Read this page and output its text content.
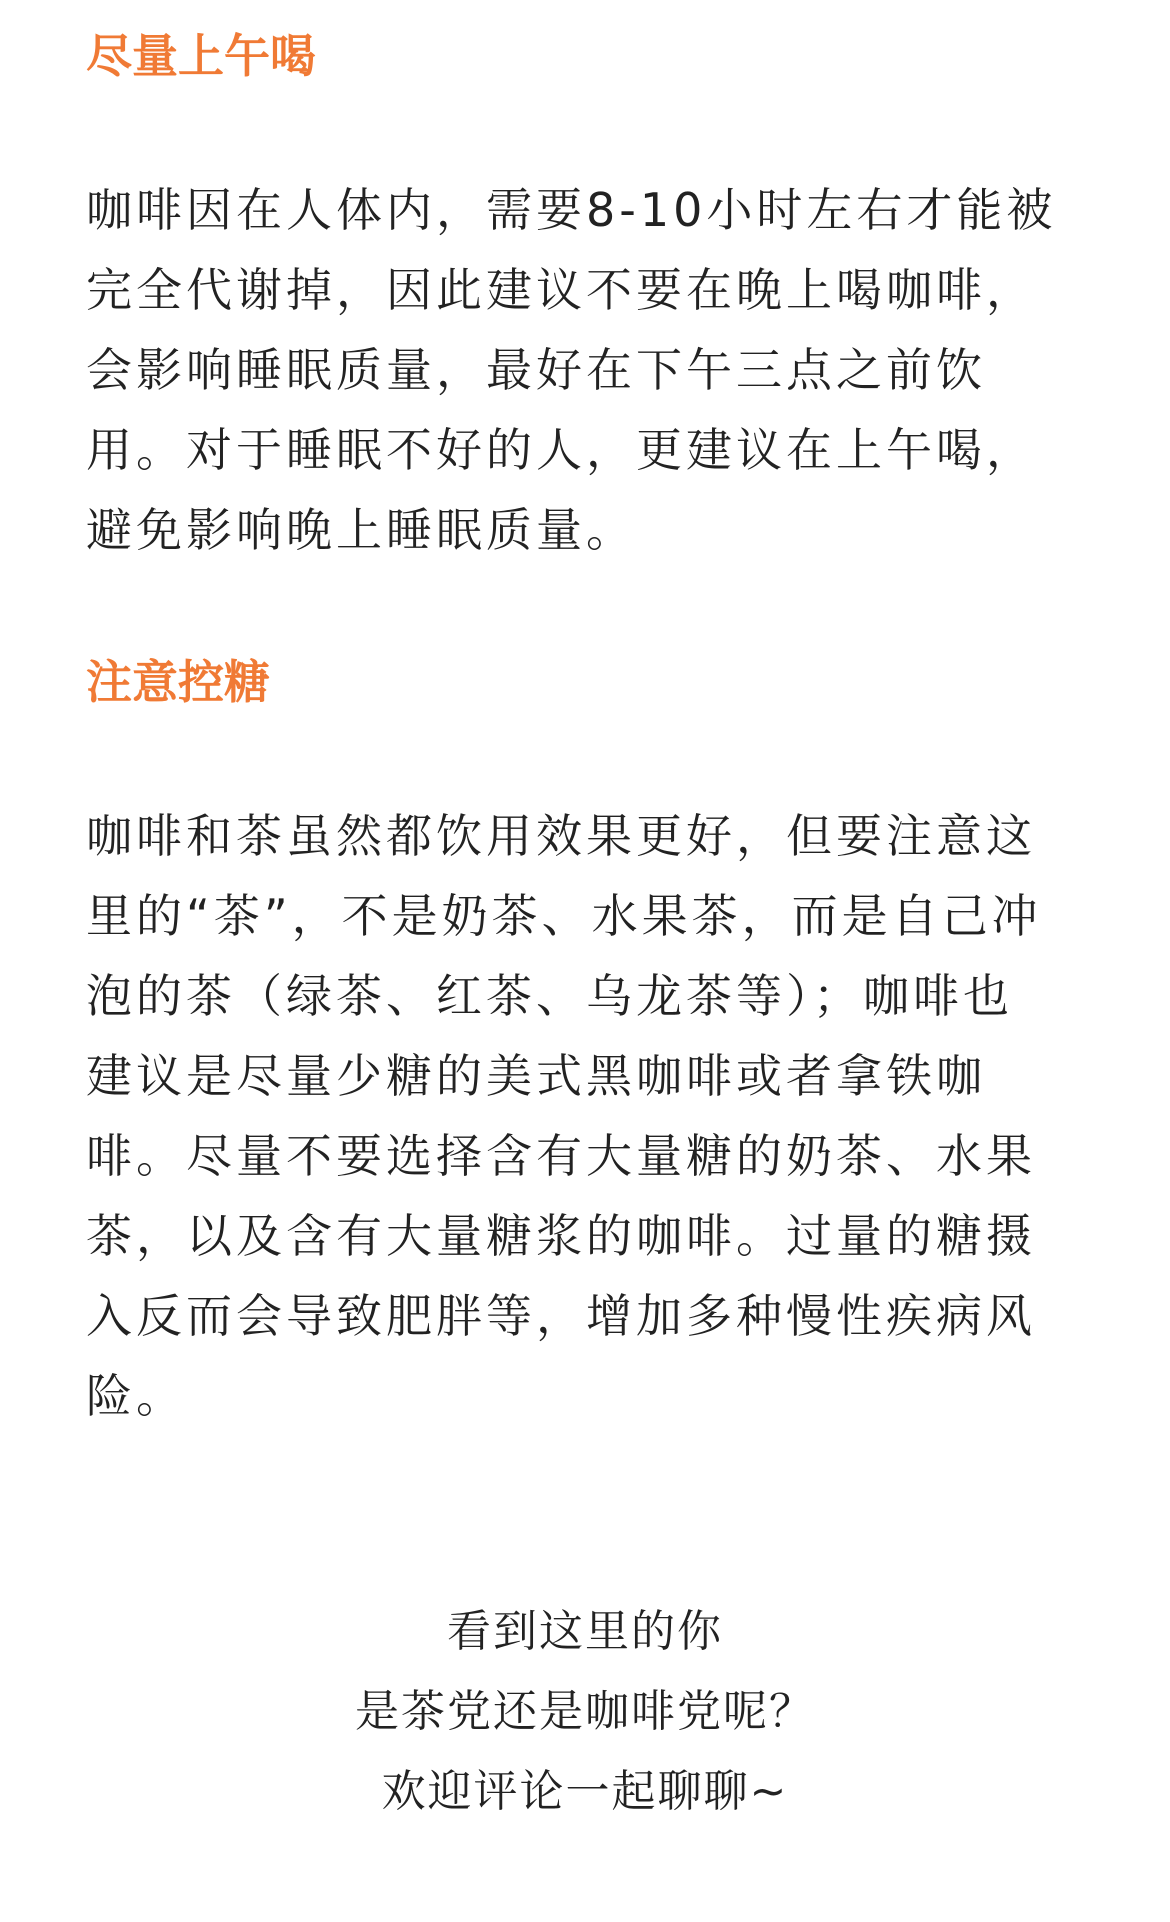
尽量上午喝
咖啡因在人体内，需要8-10小时左右才能被
完全代谢掉，因此建议不要在晚上喝咖啡，
会影响睡眠质量，最好在下午三点之前饮
用。对于睡眠不好的人，更建议在上午喝，
避免影响晚上睡眠质量。
注意控糖
咖啡和茶虽然都饮用效果更好，但要注意这
里的“茶”，不是奶茶、水果茶，而是自己冲
泡的茶（绿茶、红茶、乌龙茶等）；咖啡也
建议是尽量少糖的美式黑咖啡或者拿铁咖
啡。尽量不要选择含有大量糖的奶茶、水果
茶，以及含有大量糖浆的咖啡。过量的糖摄
入反而会导致肥胖等，增加多种慢性疾病风
险。
看到这里的你
是茶党还是咖啡党呢？
欢迎评论一起聊聊~
